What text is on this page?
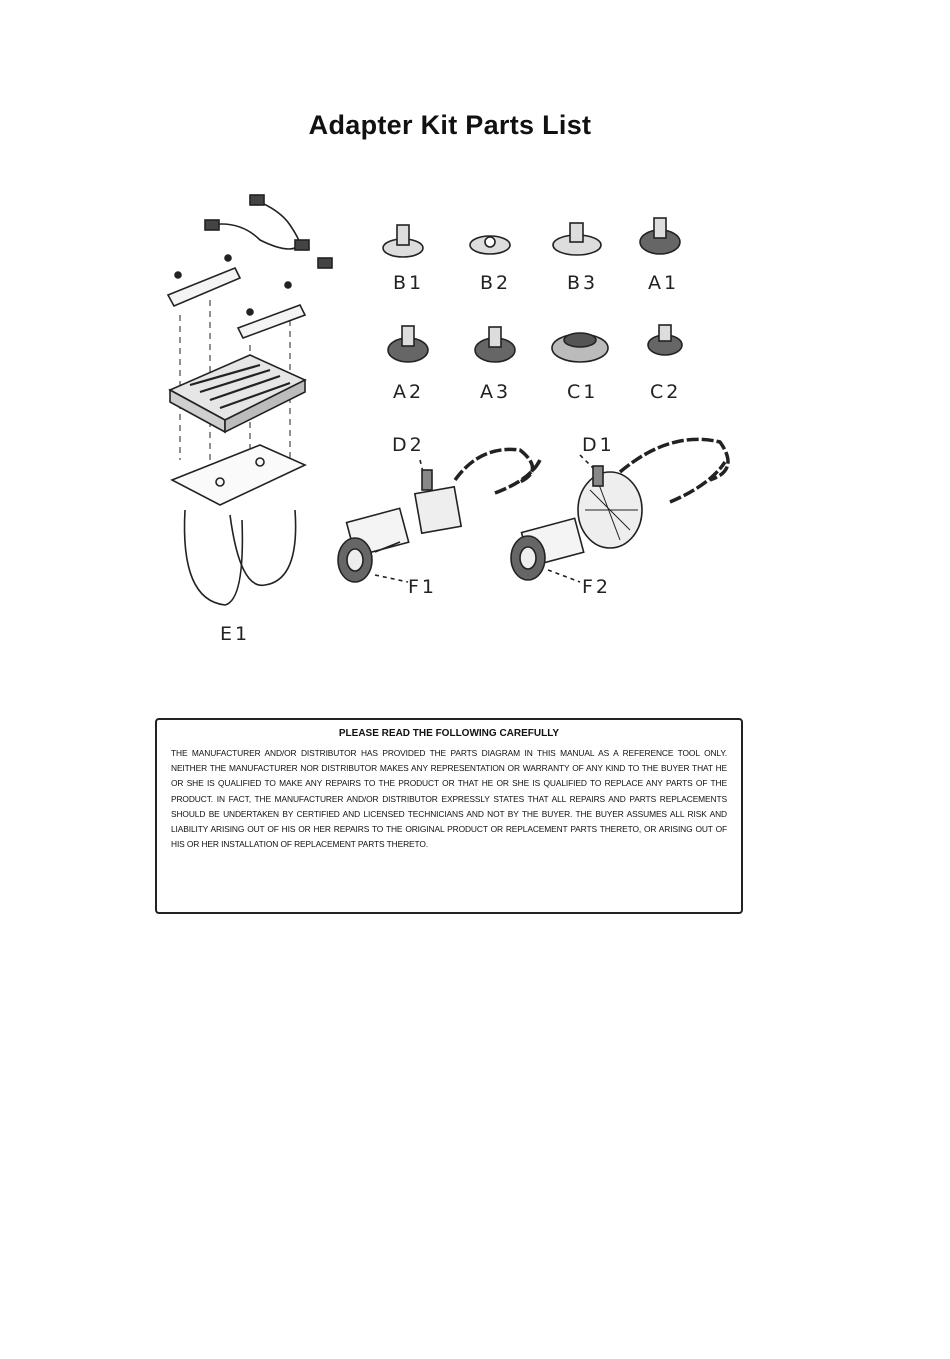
Adapter Kit Parts List
B1	B2	B3	A1
A2	A3	C1	C2
D2	D1
E1
F1	F2
PLEASE READ THE FOLLOWING CAREFULLY
THE MANUFACTURER AND/OR DISTRIBUTOR HAS PROVIDED THE PARTS DIAGRAM IN THIS MANUAL AS A REFERENCE TOOL ONLY. NEITHER THE MANUFACTURER NOR DISTRIBUTOR MAKES ANY REPRESENTATION OR WARRANTY OF ANY KIND TO THE BUYER THAT HE OR SHE IS QUALIFIED TO MAKE ANY REPAIRS TO THE PRODUCT OR THAT HE OR SHE IS QUALIFIED TO REPLACE ANY PARTS OF THE PRODUCT. IN FACT, THE MANUFACTURER AND/OR DISTRIBUTOR EXPRESSLY STATES THAT ALL REPAIRS AND PARTS REPLACEMENTS SHOULD BE UNDERTAKEN BY CERTIFIED AND LICENSED TECHNICIANS AND NOT BY THE BUYER. THE BUYER ASSUMES ALL RISK AND LIABILITY ARISING OUT OF HIS OR HER REPAIRS TO THE ORIGINAL PRODUCT OR REPLACEMENT PARTS THERETO, OR ARISING OUT OF HIS OR HER INSTALLATION OF REPLACEMENT PARTS THERETO.
